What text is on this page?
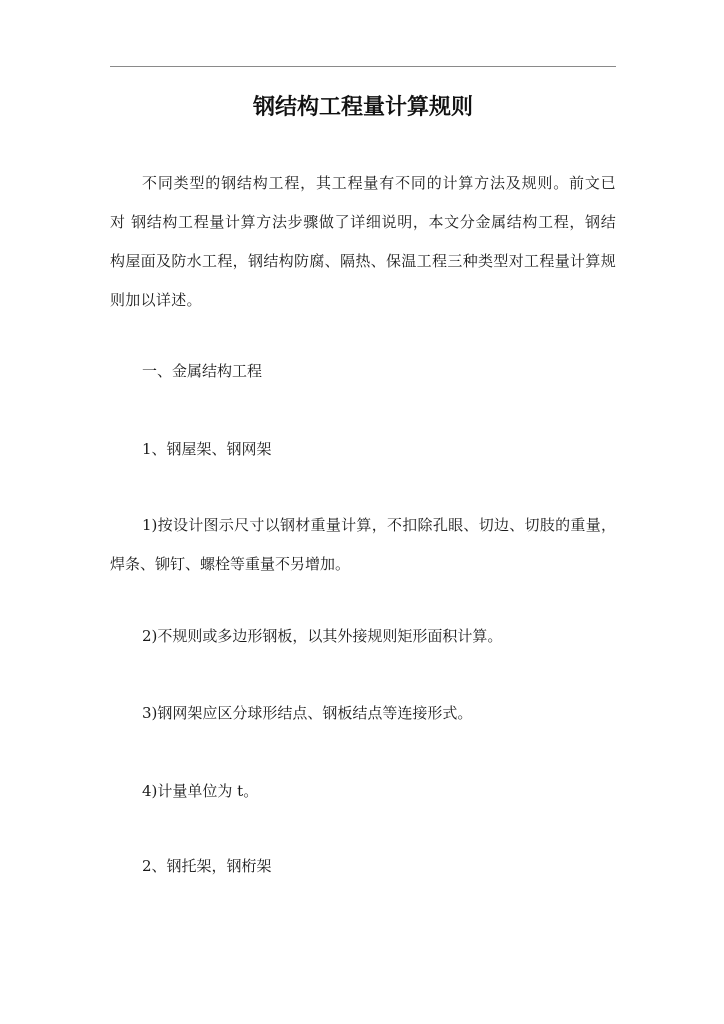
钢结构工程量计算规则

不同类型的钢结构工程，其工程量有不同的计算方法及规则。前文已对 钢结构工程量计算方法步骤做了详细说明，本文分金属结构工程，钢结构屋面及防水工程，钢结构防腐、隔热、保温工程三种类型对工程量计算规则加以详述。

一、金属结构工程

1、钢屋架、钢网架

1)按设计图示尺寸以钢材重量计算，不扣除孔眼、切边、切肢的重量，焊条、铆钉、螺栓等重量不另增加。

2)不规则或多边形钢板，以其外接规则矩形面积计算。

3)钢网架应区分球形结点、钢板结点等连接形式。

4)计量单位为 t。

2、钢托架，钢桁架
